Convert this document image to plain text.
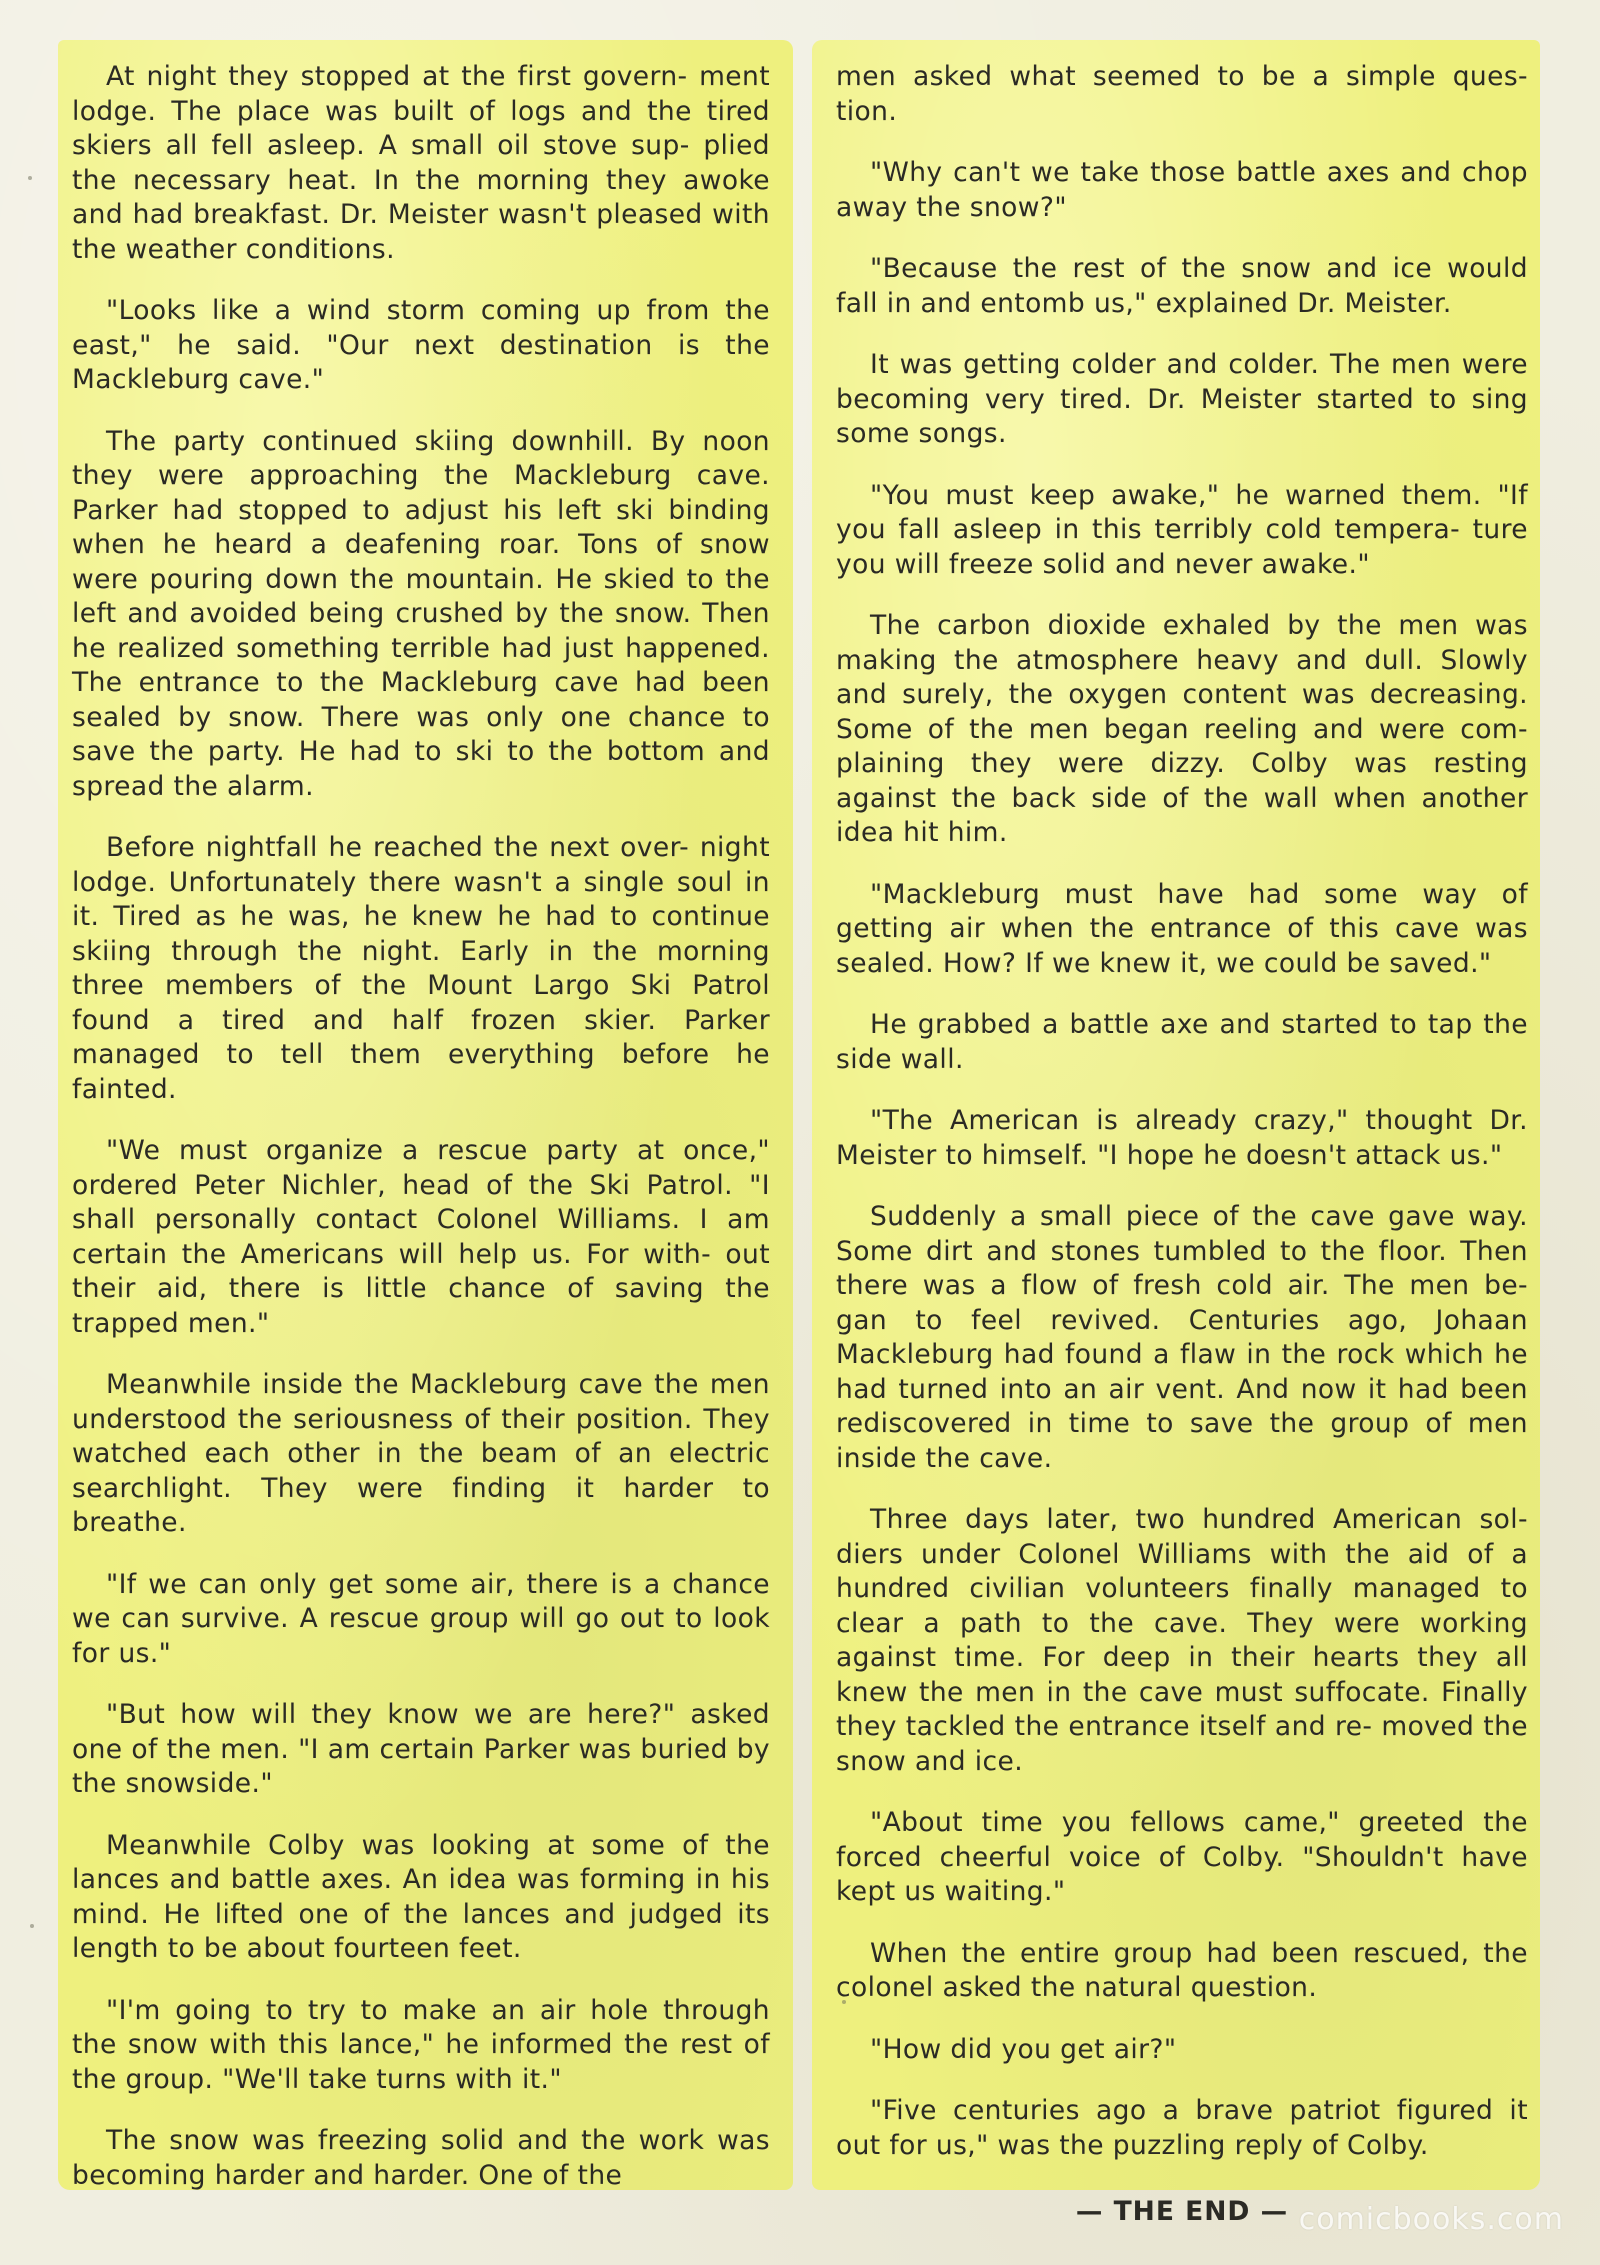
At night they stopped at the first govern- ment lodge. The place was built of logs and the tired skiers all fell asleep. A small oil stove sup- plied the necessary heat. In the morning they awoke and had breakfast. Dr. Meister wasn't pleased with the weather conditions.

"Looks like a wind storm coming up from the east," he said. "Our next destination is the Mackleburg cave."

The party continued skiing downhill. By noon they were approaching the Mackleburg cave. Parker had stopped to adjust his left ski binding when he heard a deafening roar. Tons of snow were pouring down the mountain. He skied to the left and avoided being crushed by the snow. Then he realized something terrible had just happened. The entrance to the Mackleburg cave had been sealed by snow. There was only one chance to save the party. He had to ski to the bottom and spread the alarm.

Before nightfall he reached the next over- night lodge. Unfortunately there wasn't a single soul in it. Tired as he was, he knew he had to continue skiing through the night. Early in the morning three members of the Mount Largo Ski Patrol found a tired and half frozen skier. Parker managed to tell them everything before he fainted.

"We must organize a rescue party at once," ordered Peter Nichler, head of the Ski Patrol. "I shall personally contact Colonel Williams. I am certain the Americans will help us. For with- out their aid, there is little chance of saving the trapped men."

Meanwhile inside the Mackleburg cave the men understood the seriousness of their position. They watched each other in the beam of an electric searchlight. They were finding it harder to breathe.

"If we can only get some air, there is a chance we can survive. A rescue group will go out to look for us."

"But how will they know we are here?" asked one of the men. "I am certain Parker was buried by the snowside."

Meanwhile Colby was looking at some of the lances and battle axes. An idea was forming in his mind. He lifted one of the lances and judged its length to be about fourteen feet.

"I'm going to try to make an air hole through the snow with this lance," he informed the rest of the group. "We'll take turns with it."

The snow was freezing solid and the work was becoming harder and harder. One of the

men asked what seemed to be a simple ques- tion.

"Why can't we take those battle axes and chop away the snow?"

"Because the rest of the snow and ice would fall in and entomb us," explained Dr. Meister.

It was getting colder and colder. The men were becoming very tired. Dr. Meister started to sing some songs.

"You must keep awake," he warned them. "If you fall asleep in this terribly cold tempera- ture you will freeze solid and never awake."

The carbon dioxide exhaled by the men was making the atmosphere heavy and dull. Slowly and surely, the oxygen content was decreasing. Some of the men began reeling and were com- plaining they were dizzy. Colby was resting against the back side of the wall when another idea hit him.

"Mackleburg must have had some way of getting air when the entrance of this cave was sealed. How? If we knew it, we could be saved."

He grabbed a battle axe and started to tap the side wall.

"The American is already crazy," thought Dr. Meister to himself. "I hope he doesn't attack us."

Suddenly a small piece of the cave gave way. Some dirt and stones tumbled to the floor. Then there was a flow of fresh cold air. The men be- gan to feel revived. Centuries ago, Johaan Mackleburg had found a flaw in the rock which he had turned into an air vent. And now it had been rediscovered in time to save the group of men inside the cave.

Three days later, two hundred American sol- diers under Colonel Williams with the aid of a hundred civilian volunteers finally managed to clear a path to the cave. They were working against time. For deep in their hearts they all knew the men in the cave must suffocate. Finally they tackled the entrance itself and re- moved the snow and ice.

"About time you fellows came," greeted the forced cheerful voice of Colby. "Shouldn't have kept us waiting."

When the entire group had been rescued, the colonel asked the natural question.

"How did you get air?"

"Five centuries ago a brave patriot figured it out for us," was the puzzling reply of Colby.

— THE END — comicbooks.com
